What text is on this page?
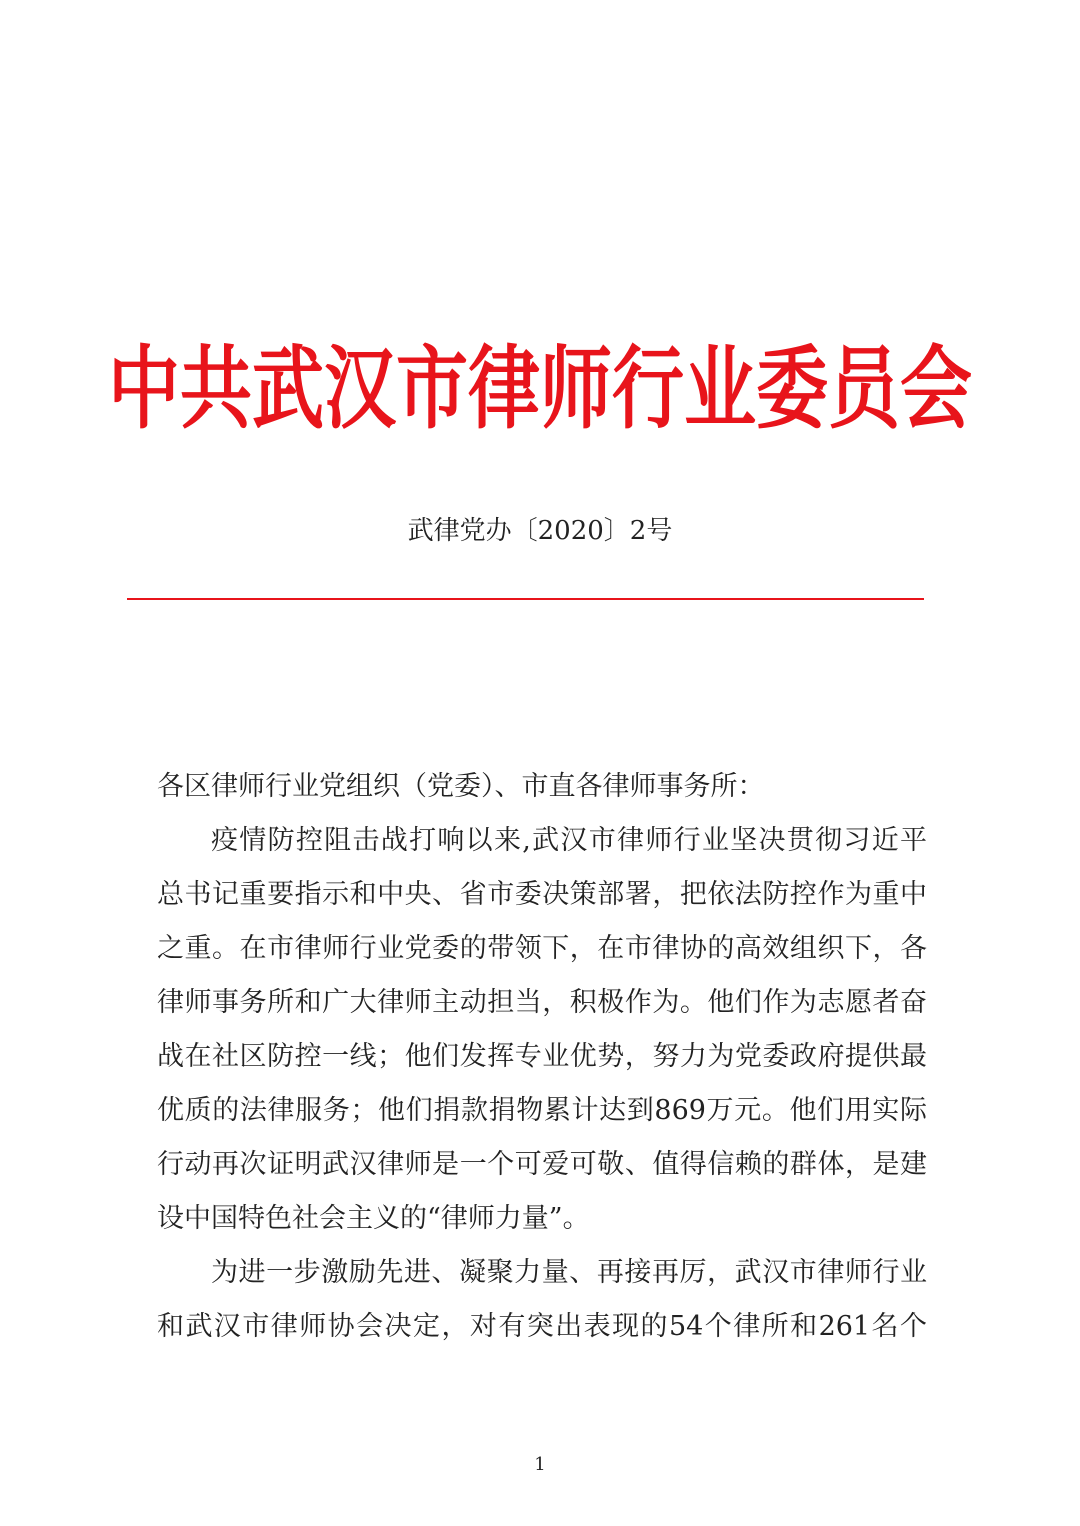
中共武汉市律师行业委员会
武律党办〔2020〕2号
各区律师行业党组织（党委）、市直各律师事务所：
疫情防控阻击战打响以来,武汉市律师行业坚决贯彻习近平
总书记重要指示和中央、省市委决策部署，把依法防控作为重中
之重。在市律师行业党委的带领下，在市律协的高效组织下，各
律师事务所和广大律师主动担当，积极作为。他们作为志愿者奋
战在社区防控一线；他们发挥专业优势，努力为党委政府提供最
优质的法律服务；他们捐款捐物累计达到869万元。他们用实际
行动再次证明武汉律师是一个可爱可敬、值得信赖的群体，是建
设中国特色社会主义的“律师力量”。
为进一步激励先进、凝聚力量、再接再厉，武汉市律师行业
和武汉市律师协会决定，对有突出表现的54个律所和261名个
1
